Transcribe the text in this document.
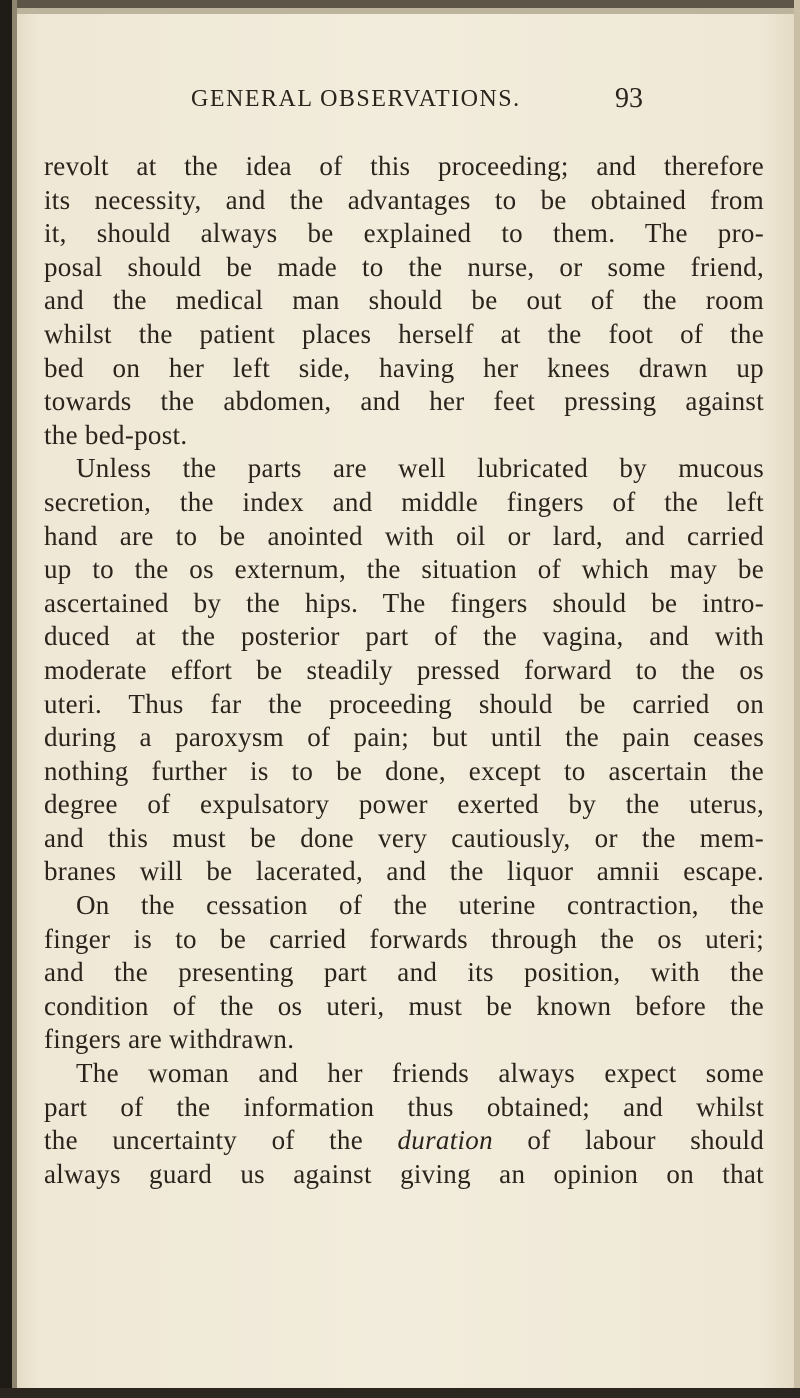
GENERAL OBSERVATIONS.	93
revolt at the idea of this proceeding; and therefore
its necessity, and the advantages to be obtained from
it, should always be explained to them. The pro-
posal should be made to the nurse, or some friend,
and the medical man should be out of the room
whilst the patient places herself at the foot of the
bed on her left side, having her knees drawn up
towards the abdomen, and her feet pressing against
the bed-post.
Unless the parts are well lubricated by mucous
secretion, the index and middle fingers of the left
hand are to be anointed with oil or lard, and carried
up to the os externum, the situation of which may be
ascertained by the hips. The fingers should be intro-
duced at the posterior part of the vagina, and with
moderate effort be steadily pressed forward to the os
uteri. Thus far the proceeding should be carried on
during a paroxysm of pain; but until the pain ceases
nothing further is to be done, except to ascertain the
degree of expulsatory power exerted by the uterus,
and this must be done very cautiously, or the mem-
branes will be lacerated, and the liquor amnii escape.
On the cessation of the uterine contraction, the
finger is to be carried forwards through the os uteri;
and the presenting part and its position, with the
condition of the os uteri, must be known before the
fingers are withdrawn.
The woman and her friends always expect some
part of the information thus obtained; and whilst
the uncertainty of the duration of labour should
always guard us against giving an opinion on that
